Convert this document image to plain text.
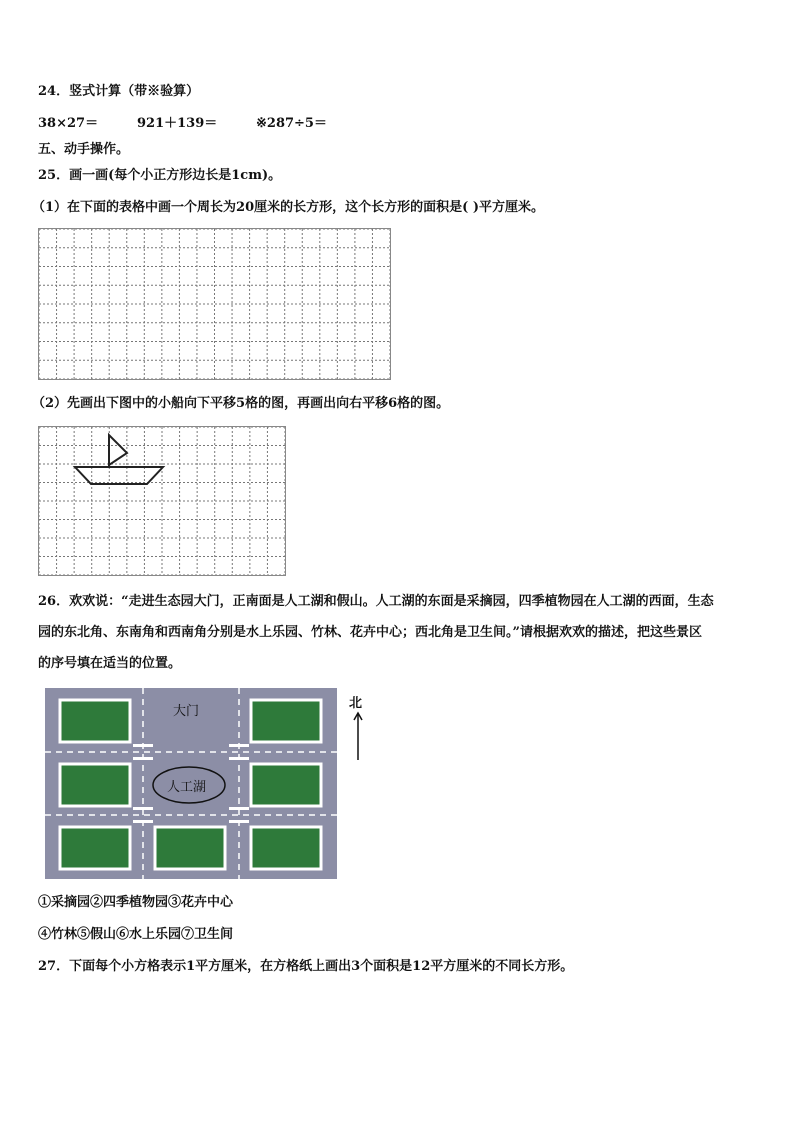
24．竖式计算（带※验算）
38×27＝	921＋139＝	※287÷5＝
五、动手操作。
25．画一画(每个小正方形边长是1cm)。
（1）在下面的表格中画一个周长为20厘米的长方形，这个长方形的面积是( )平方厘米。
（2）先画出下图中的小船向下平移5格的图，再画出向右平移6格的图。
26．欢欢说：“走进生态园大门，正南面是人工湖和假山。人工湖的东面是采摘园，四季植物园在人工湖的西面，生态
园的东北角、东南角和西南角分别是水上乐园、竹林、花卉中心；西北角是卫生间。”请根据欢欢的描述，把这些景区
的序号填在适当的位置。
大门
人工湖
北
①采摘园②四季植物园③花卉中心
④竹林⑤假山⑥水上乐园⑦卫生间
27．下面每个小方格表示1平方厘米，在方格纸上画出3个面积是12平方厘米的不同长方形。
